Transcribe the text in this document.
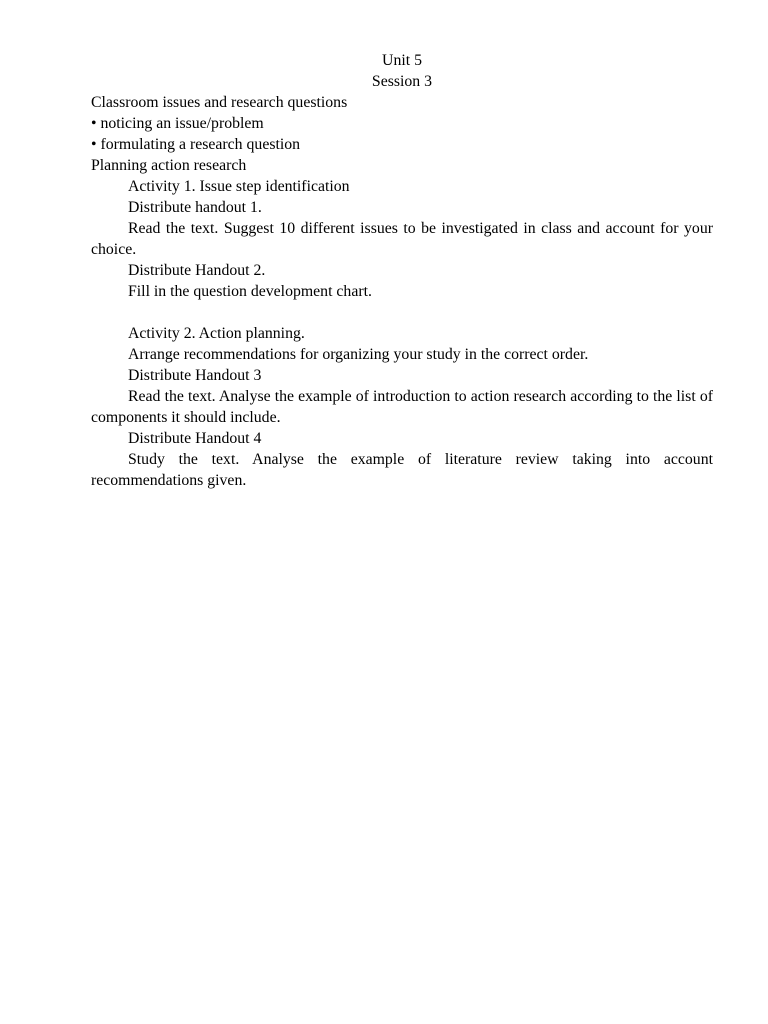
Unit 5
Session 3
Classroom issues and research questions
• noticing an issue/problem
• formulating a research question
Planning action research
Activity 1. Issue step identification
Distribute handout 1.

Read the text. Suggest 10 different issues to be investigated in class and account for your choice.

Distribute Handout 2.
Fill in the question development chart.
Activity 2. Action planning.
Arrange recommendations for organizing your study in the correct order.
Distribute Handout 3

Read the text. Analyse the example of introduction to action research according to the list of components it should include.

Distribute Handout 4

Study the text. Analyse the example of literature review taking into account recommendations given.
